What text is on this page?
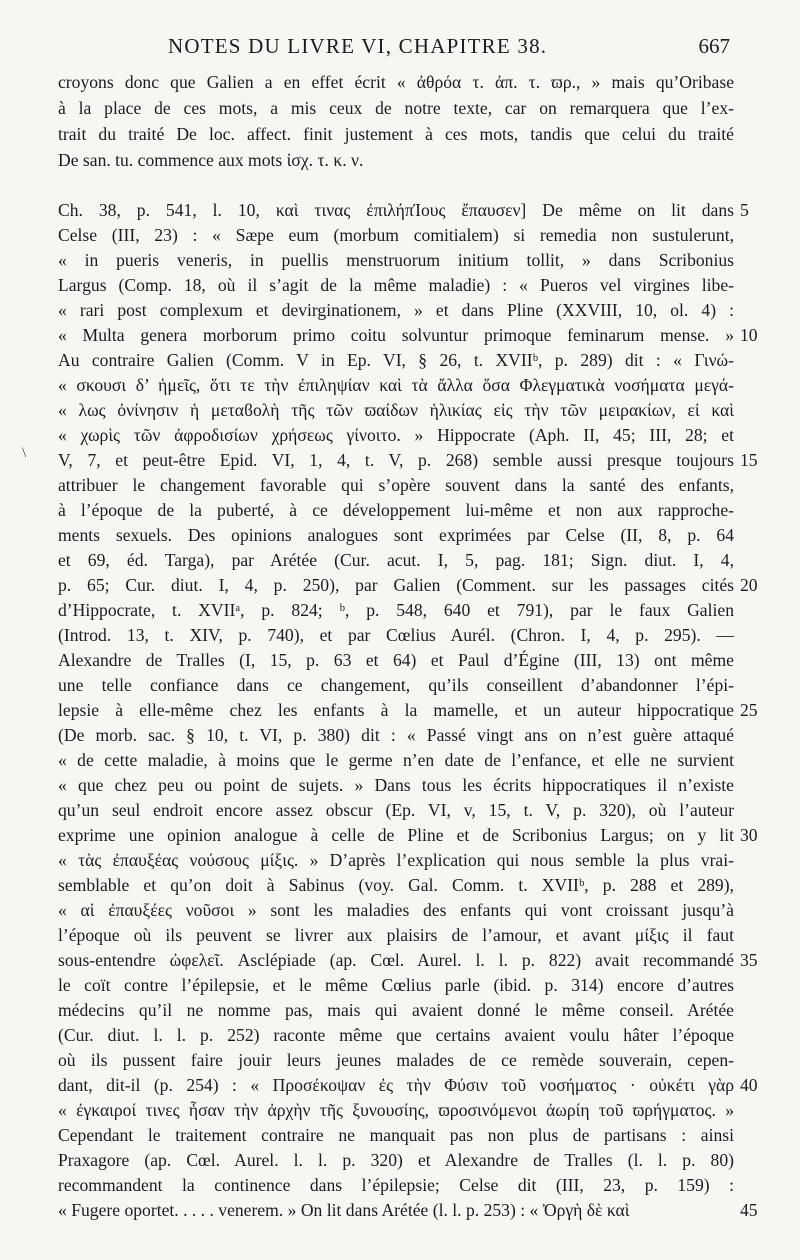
NOTES DU LIVRE VI, CHAPITRE 38.	667
\
croyons donc que Galien a en effet écrit « ἀθρόα τ. ἀπ. τ. ϖρ., » mais qu’Oribase
à la place de ces mots, a mis ceux de notre texte, car on remarquera que l’ex-
trait du traité De loc. affect. finit justement à ces mots, tandis que celui du traité
De san. tu. commence aux mots ἰσχ. τ. κ. ν.
Ch. 38, p. 541, l. 10, καὶ τινας ἐπιλήπΊους ἔπαυσεν] De même on lit dans
Celse (III, 23) : « Sæpe eum (morbum comitialem) si remedia non sustulerunt,
« in pueris veneris, in puellis menstruorum initium tollit, » dans Scribonius
Largus (Comp. 18, où il s’agit de la même maladie) : « Pueros vel virgines libe-
« rari post complexum et devirginationem, » et dans Pline (XXVIII, 10, ol. 4) :
« Multa genera morborum primo coitu solvuntur primoque feminarum mense. »
Au contraire Galien (Comm. V in Ep. VI, § 26, t. XVIIᵇ, p. 289) dit : « Γινώ-
« σκουσι δ’ ἡμεῖς, ὅτι τε τὴν ἐπιληψίαν καὶ τὰ ἄλλα ὅσα Φλεγματικὰ νοσήματα μεγά-
« λως ὀνίνησιν ἡ μεταϐολὴ τῆς τῶν ϖαίδων ἡλικίας εἰς τὴν τῶν μειρακίων, εἰ καὶ
« χωρὶς τῶν ἀφροδισίων χρήσεως γίνοιτο. » Hippocrate (Aph. II, 45; III, 28; et
V, 7, et peut-être Epid. VI, 1, 4, t. V, p. 268) semble aussi presque toujours
attribuer le changement favorable qui s’opère souvent dans la santé des enfants,
à l’époque de la puberté, à ce développement lui-même et non aux rapproche-
ments sexuels. Des opinions analogues sont exprimées par Celse (II, 8, p. 64
et 69, éd. Targa), par Arétée (Cur. acut. I, 5, pag. 181; Sign. diut. I, 4,
p. 65; Cur. diut. I, 4, p. 250), par Galien (Comment. sur les passages cités
d’Hippocrate, t. XVIIᵃ, p. 824; ᵇ, p. 548, 640 et 791), par le faux Galien
(Introd. 13, t. XIV, p. 740), et par Cœlius Aurél. (Chron. I, 4, p. 295). —
Alexandre de Tralles (I, 15, p. 63 et 64) et Paul d’Égine (III, 13) ont même
une telle confiance dans ce changement, qu’ils conseillent d’abandonner l’épi-
lepsie à elle-même chez les enfants à la mamelle, et un auteur hippocratique
(De morb. sac. § 10, t. VI, p. 380) dit : « Passé vingt ans on n’est guère attaqué
« de cette maladie, à moins que le germe n’en date de l’enfance, et elle ne survient
« que chez peu ou point de sujets. » Dans tous les écrits hippocratiques il n’existe
qu’un seul endroit encore assez obscur (Ep. VI, v, 15, t. V, p. 320), où l’auteur
exprime une opinion analogue à celle de Pline et de Scribonius Largus; on y lit
« τὰς ἐπαυξέας νούσους μίξις. » D’après l’explication qui nous semble la plus vrai-
semblable et qu’on doit à Sabinus (voy. Gal. Comm. t. XVIIᵇ, p. 288 et 289),
« αἱ ἐπαυξέες νοῦσοι » sont les maladies des enfants qui vont croissant jusqu’à
l’époque où ils peuvent se livrer aux plaisirs de l’amour, et avant μίξις il faut
sous-entendre ὠφελεῖ. Asclépiade (ap. Cœl. Aurel. l. l. p. 822) avait recommandé
le coït contre l’épilepsie, et le même Cœlius parle (ibid. p. 314) encore d’autres
médecins qu’il ne nomme pas, mais qui avaient donné le même conseil. Arétée
(Cur. diut. l. l. p. 252) raconte même que certains avaient voulu hâter l’époque
où ils pussent faire jouir leurs jeunes malades de ce remède souverain, cepen-
dant, dit-il (p. 254) : « Προσέκοψαν ἐς τὴν Φύσιν τοῦ νοσήματος · οὐκέτι γὰρ
« ἐγκαιροί τινες ἦσαν τὴν ἀρχὴν τῆς ξυνουσίης, ϖροσινόμενοι ἀωρίη τοῦ ϖρήγματος. »
Cependant le traitement contraire ne manquait pas non plus de partisans : ainsi
Praxagore (ap. Cœl. Aurel. l. l. p. 320) et Alexandre de Tralles (l. l. p. 80)
recommandent la continence dans l’épilepsie; Celse dit (III, 23, p. 159) :
« Fugere oportet. . . . . venerem. » On lit dans Arétée (l. l. p. 253) : « Ὀργὴ δὲ καὶ
5
10
15
20
25
30
35
40
45
